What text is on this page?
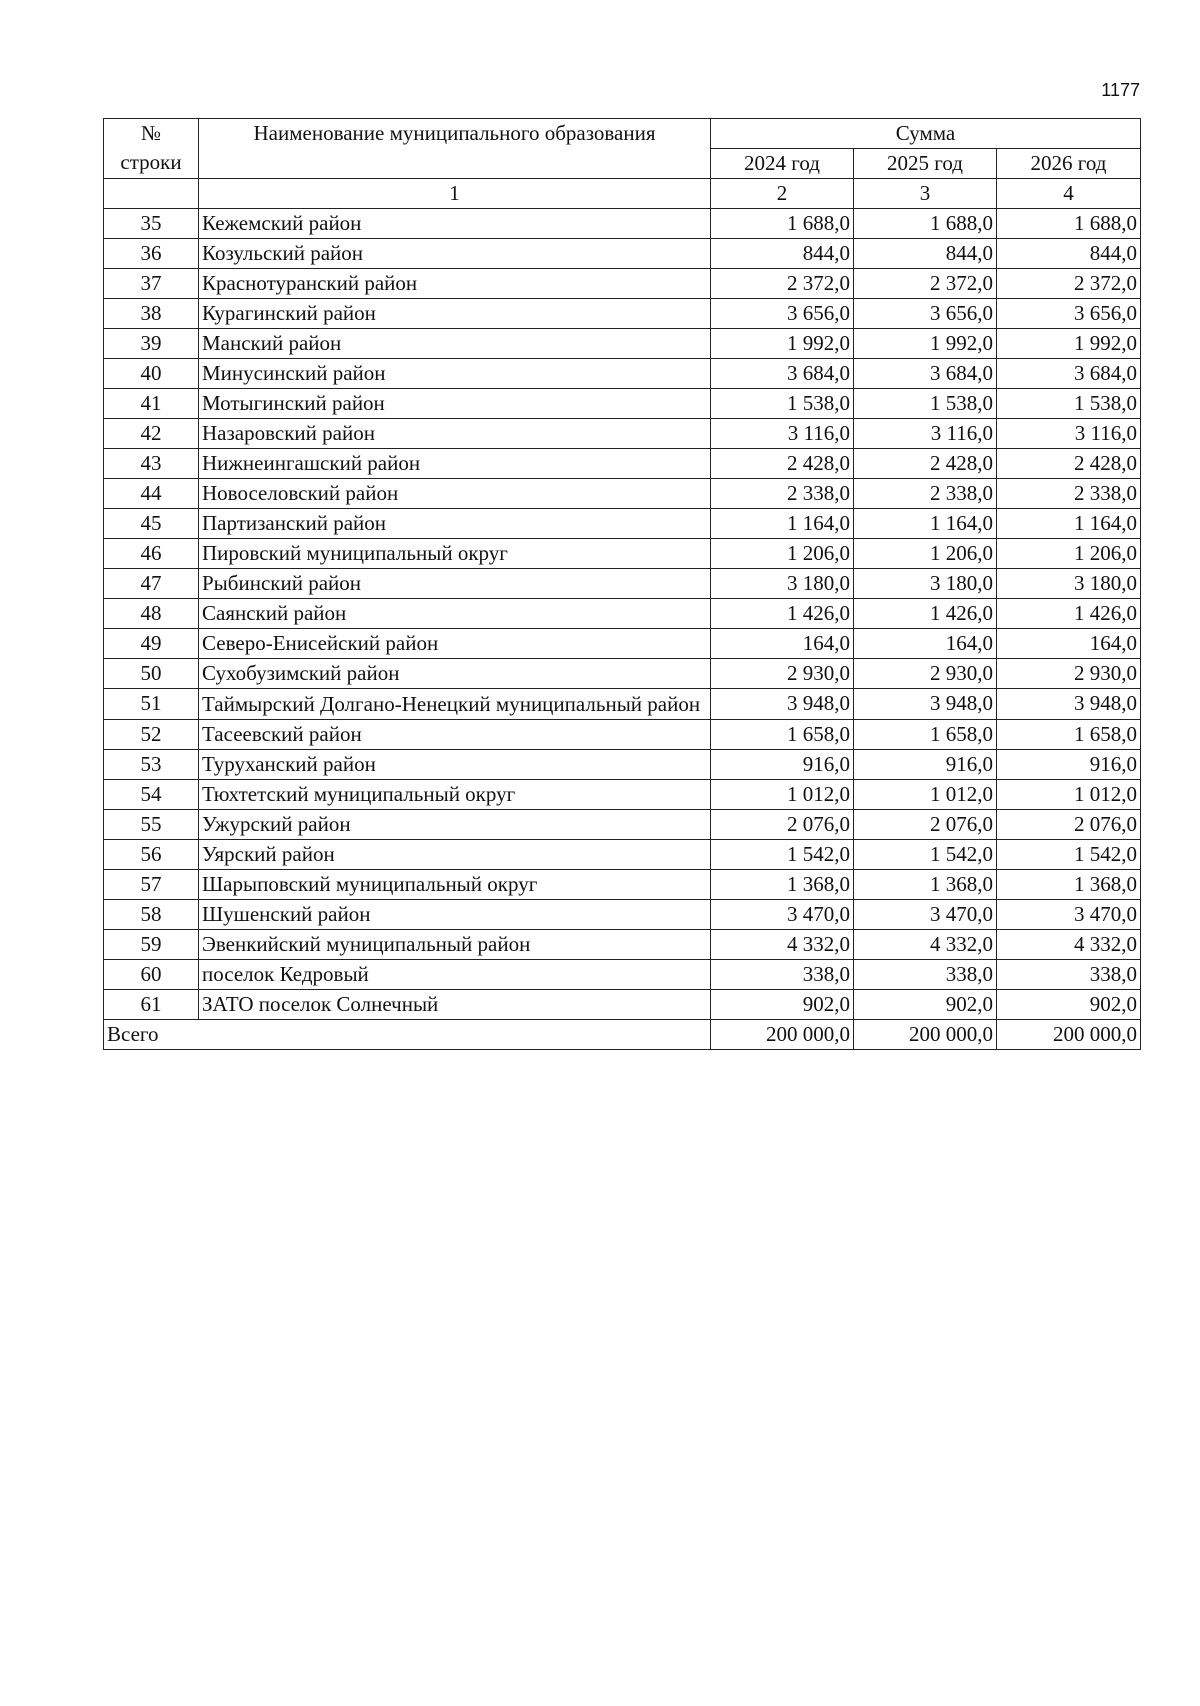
1177
№
строки	Наименование муниципального образования	Сумма		
		2024 год	2025 год	2026 год
	1	2	3	4
35	Кежемский район	1 688,0	1 688,0	1 688,0
36	Козульский район	844,0	844,0	844,0
37	Краснотуранский район	2 372,0	2 372,0	2 372,0
38	Курагинский район	3 656,0	3 656,0	3 656,0
39	Манский район	1 992,0	1 992,0	1 992,0
40	Минусинский район	3 684,0	3 684,0	3 684,0
41	Мотыгинский район	1 538,0	1 538,0	1 538,0
42	Назаровский район	3 116,0	3 116,0	3 116,0
43	Нижнеингашский район	2 428,0	2 428,0	2 428,0
44	Новоселовский район	2 338,0	2 338,0	2 338,0
45	Партизанский район	1 164,0	1 164,0	1 164,0
46	Пировский муниципальный округ	1 206,0	1 206,0	1 206,0
47	Рыбинский район	3 180,0	3 180,0	3 180,0
48	Саянский район	1 426,0	1 426,0	1 426,0
49	Северо-Енисейский район	164,0	164,0	164,0
50	Сухобузимский район	2 930,0	2 930,0	2 930,0
51	Таймырский Долгано-Ненецкий муниципальный район	3 948,0	3 948,0	3 948,0
52	Тасеевский район	1 658,0	1 658,0	1 658,0
53	Туруханский район	916,0	916,0	916,0
54	Тюхтетский муниципальный округ	1 012,0	1 012,0	1 012,0
55	Ужурский район	2 076,0	2 076,0	2 076,0
56	Уярский район	1 542,0	1 542,0	1 542,0
57	Шарыповский муниципальный округ	1 368,0	1 368,0	1 368,0
58	Шушенский район	3 470,0	3 470,0	3 470,0
59	Эвенкийский муниципальный район	4 332,0	4 332,0	4 332,0
60	поселок Кедровый	338,0	338,0	338,0
61	ЗАТО поселок Солнечный	902,0	902,0	902,0
Всего		200 000,0	200 000,0	200 000,0
